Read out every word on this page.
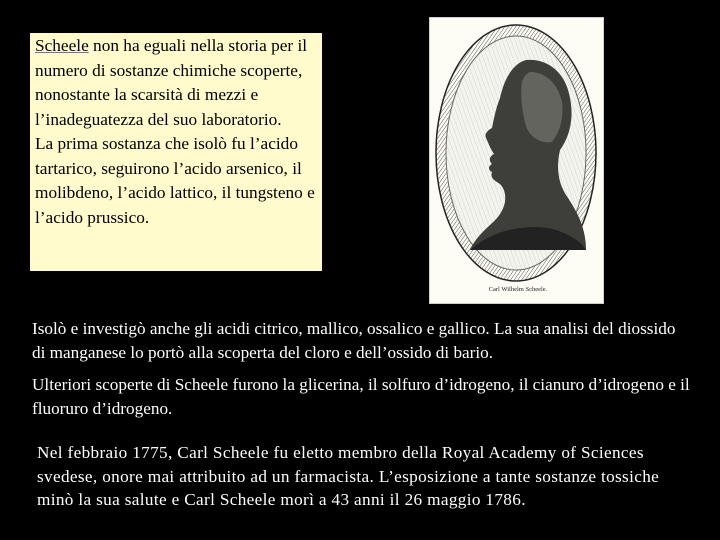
Scheele non ha eguali nella storia per il numero di sostanze chimiche scoperte, nonostante la scarsità di mezzi e l’inadeguatezza del suo laboratorio.

La prima sostanza che isolò fu l’acido tartarico, seguirono l’acido arsenico, il molibdeno, l’acido lattico, il tungsteno e l’acido prussico.

Carl Wilhelm Scheele.

Isolò e investigò anche gli acidi citrico, mallico, ossalico e gallico. La sua analisi del diossido di manganese lo portò alla scoperta del cloro e dell’ossido di bario.

Ulteriori scoperte di Scheele furono la glicerina, il solfuro d’idrogeno, il cianuro d’idrogeno e il fluoruro d’idrogeno.

Nel febbraio 1775, Carl Scheele fu eletto membro della Royal Academy of Sciences svedese, onore mai attribuito ad un farmacista. L’esposizione a tante sostanze tossiche minò la sua salute e Carl Scheele morì a 43 anni il 26 maggio 1786.
